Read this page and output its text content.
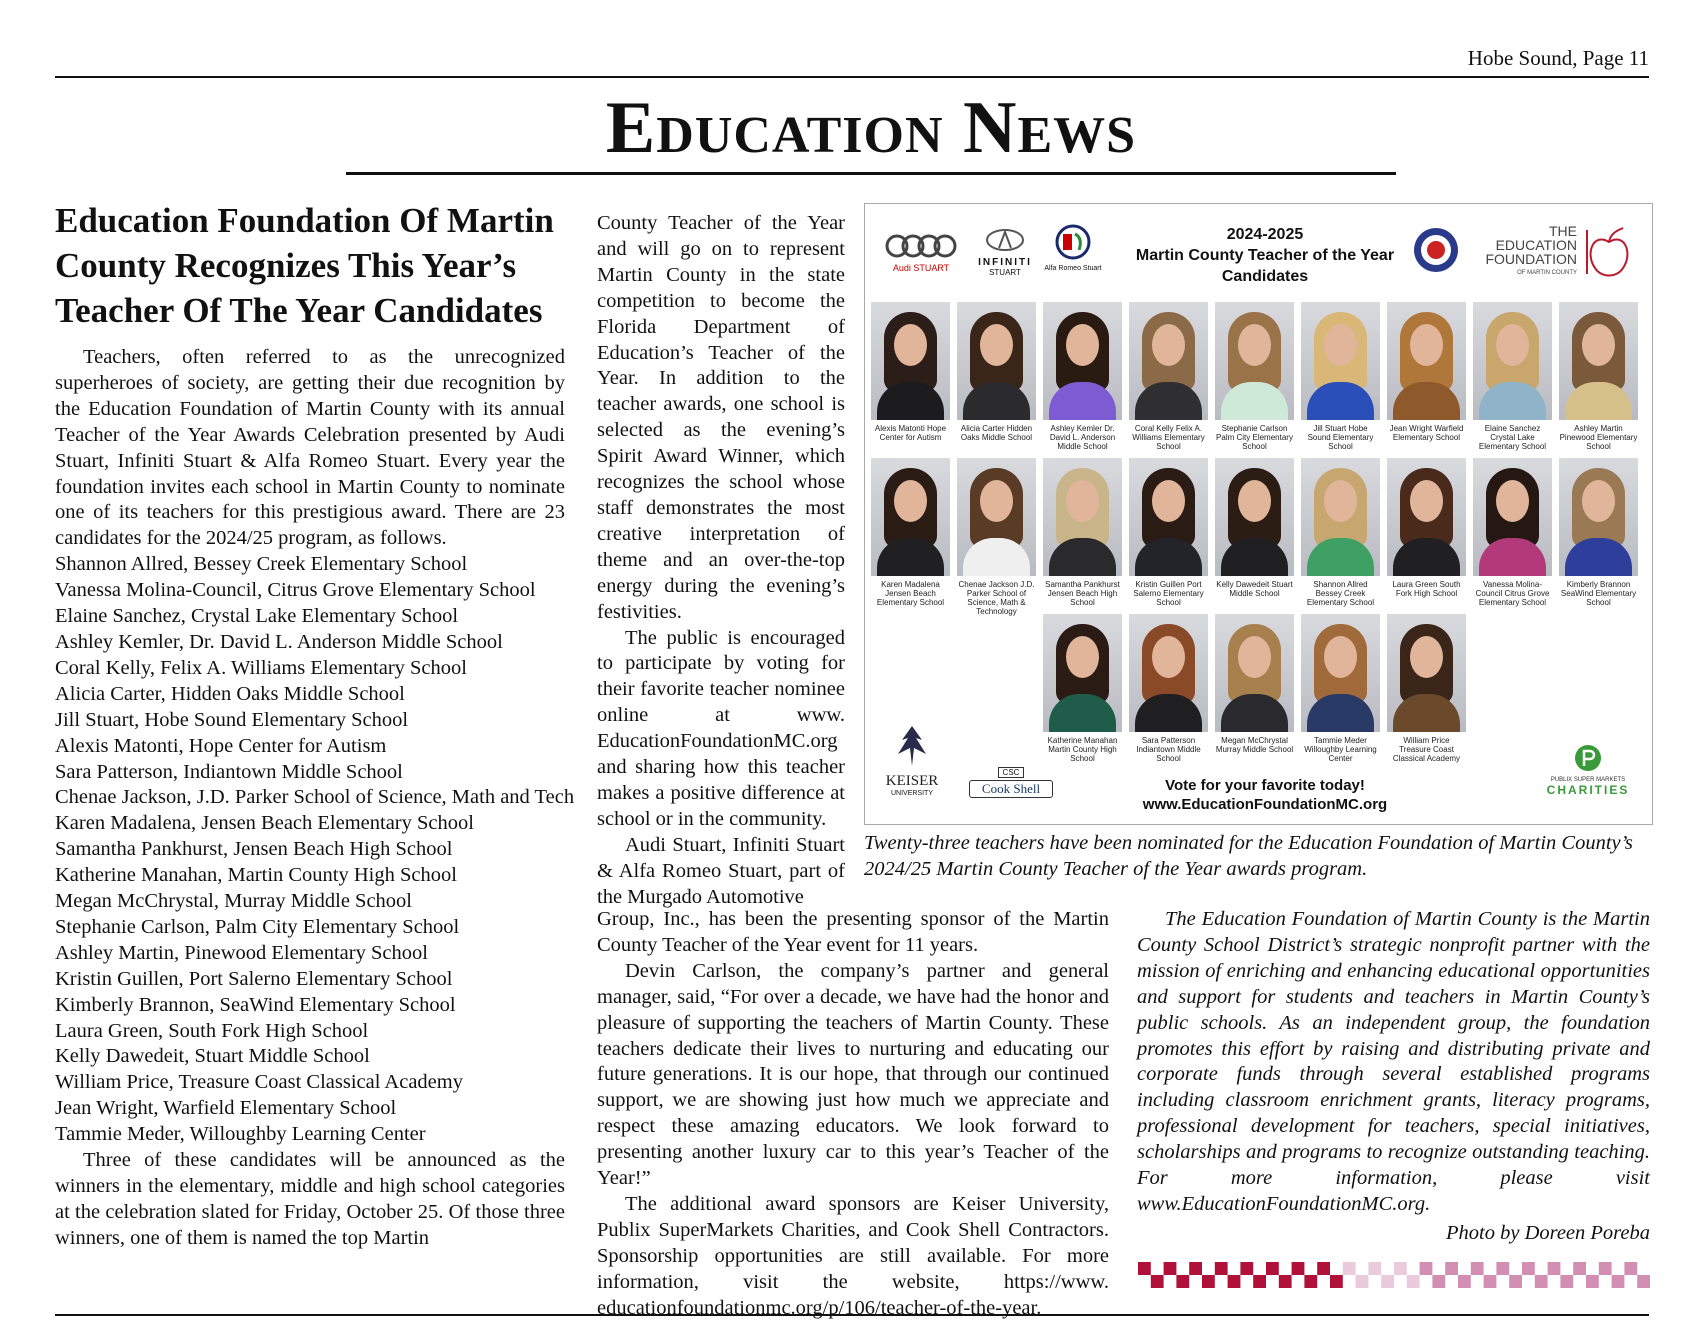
Hobe Sound, Page 11
Education News
Education Foundation Of Martin County Recognizes This Year’s Teacher Of The Year Candidates

Teachers, often referred to as the unrecognized superheroes of society, are getting their due recognition by the Education Foundation of Martin County with its annual Teacher of the Year Awards Celebration presented by Audi Stuart, Infiniti Stuart & Alfa Romeo Stuart. Every year the foundation invites each school in Martin County to nominate one of its teachers for this prestigious award. There are 23 candidates for the 2024/25 program, as follows.

Shannon Allred, Bessey Creek Elementary School
Vanessa Molina-Council, Citrus Grove Elementary School
Elaine Sanchez, Crystal Lake Elementary School
Ashley Kemler, Dr. David L. Anderson Middle School
Coral Kelly, Felix A. Williams Elementary School
Alicia Carter, Hidden Oaks Middle School
Jill Stuart, Hobe Sound Elementary School
Alexis Matonti, Hope Center for Autism
Sara Patterson, Indiantown Middle School
Chenae Jackson, J.D. Parker School of Science, Math and Tech
Karen Madalena, Jensen Beach Elementary School
Samantha Pankhurst, Jensen Beach High School
Katherine Manahan, Martin County High School
Megan McChrystal, Murray Middle School
Stephanie Carlson, Palm City Elementary School
Ashley Martin, Pinewood Elementary School
Kristin Guillen, Port Salerno Elementary School
Kimberly Brannon, SeaWind Elementary School
Laura Green, South Fork High School
Kelly Dawedeit, Stuart Middle School
William Price, Treasure Coast Classical Academy
Jean Wright, Warfield Elementary School
Tammie Meder, Willoughby Learning Center

Three of these candidates will be announced as the winners in the elementary, middle and high school categories at the celebration slated for Friday, October 25. Of those three winners, one of them is named the top Martin

County Teacher of the Year and will go on to represent Martin County in the state competition to become the Florida Department of Education’s Teacher of the Year. In addition to the teacher awards, one school is selected as the evening’s Spirit Award Winner, which recognizes the school whose staff demonstrates the most creative interpretation of theme and an over-the-top energy during the evening’s festivities.

The public is encouraged to participate by voting for their favorite teacher nominee online at www. EducationFoundationMC.org and sharing how this teacher makes a positive difference at school or in the community.

Audi Stuart, Infiniti Stuart & Alfa Romeo Stuart, part of the Murgado Automotive

Group, Inc., has been the presenting sponsor of the Martin County Teacher of the Year event for 11 years.

Devin Carlson, the company’s partner and general manager, said, “For over a decade, we have had the honor and pleasure of supporting the teachers of Martin County. These teachers dedicate their lives to nurturing and educating our future generations. It is our hope, that through our continued support, we are showing just how much we appreciate and respect these amazing educators. We look forward to presenting another luxury car to this year’s Teacher of the Year!”

The additional award sponsors are Keiser University, Publix SuperMarkets Charities, and Cook Shell Contractors. Sponsorship opportunities are still available. For more information, visit the website, https://www. educationfoundationmc.org/p/106/teacher-of-the-year.

Audi STUART	INFINITI
STUART	Alfa Romeo Stuart
2024-2025
Martin County Teacher of the Year
Candidates
THE EDUCATION FOUNDATION
OF MARTIN COUNTY
Alexis Matonti Hope Center for Autism
Alicia Carter Hidden Oaks Middle School
Ashley Kemler Dr. David L. Anderson Middle School
Coral Kelly Felix A. Williams Elementary School
Stephanie Carlson Palm City Elementary School
Jill Stuart Hobe Sound Elementary School
Jean Wright Warfield Elementary School
Elaine Sanchez Crystal Lake Elementary School
Ashley Martin Pinewood Elementary School
Karen Madalena Jensen Beach Elementary School
Chenae Jackson J.D. Parker School of Science, Math & Technology
Samantha Pankhurst Jensen Beach High School
Kristin Guillen Port Salerno Elementary School
Kelly Dawedeit Stuart Middle School
Shannon Allred Bessey Creek Elementary School
Laura Green South Fork High School
Vanessa Molina-Council Citrus Grove Elementary School
Kimberly Brannon SeaWind Elementary School
Katherine Manahan Martin County High School
Sara Patterson Indiantown Middle School
Megan McChrystal Murray Middle School
Tammie Meder Willoughby Learning Center
William Price Treasure Coast Classical Academy
KEISER
UNIVERSITY
CSC
Cook Shell	Vote for your favorite today!
www.EducationFoundationMC.org
PUBLIX SUPER MARKETS
CHARITIES
Twenty-three teachers have been nominated for the Education Foundation of Martin County’s 2024/25 Martin County Teacher of the Year awards program.

The Education Foundation of Martin County is the Martin County School District’s strategic nonprofit partner with the mission of enriching and enhancing educational opportunities and support for students and teachers in Martin County’s public schools. As an independent group, the foundation promotes this effort by raising and distributing private and corporate funds through several established programs including classroom enrichment grants, literacy programs, professional development for teachers, special initiatives, scholarships and programs to recognize outstanding teaching. For more information, please visit www.EducationFoundationMC.org.

Photo by Doreen Poreba
